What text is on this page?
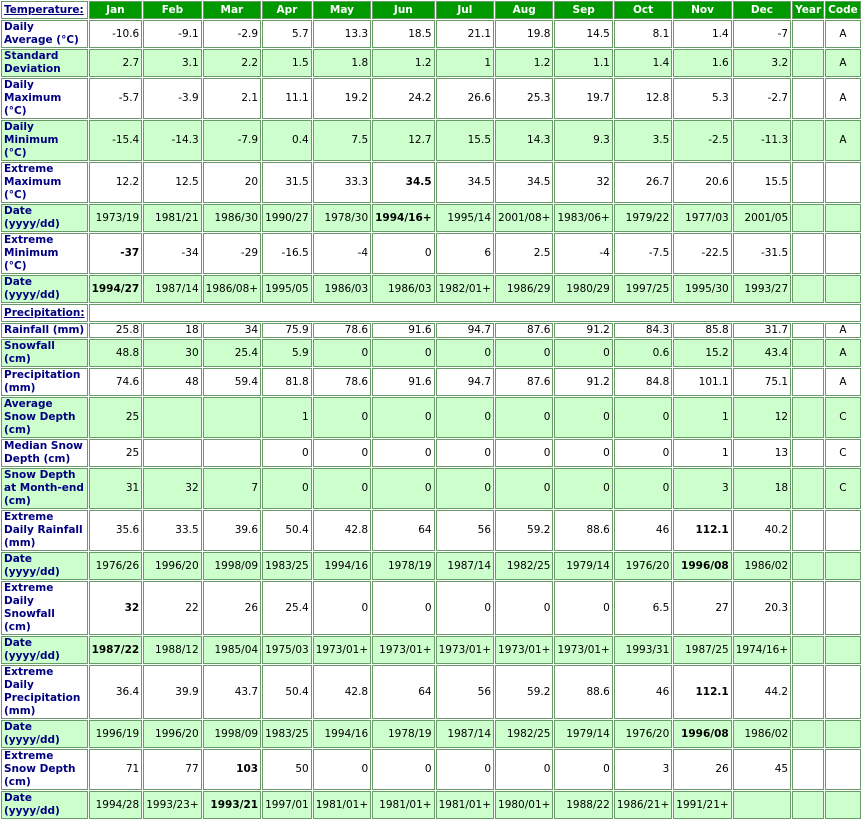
Temperature:	Jan	Feb	Mar	Apr	May	Jun	Jul	Aug	Sep	Oct	Nov	Dec	Year	Code
Daily Average (°C)	-10.6	-9.1	-2.9	5.7	13.3	18.5	21.1	19.8	14.5	8.1	1.4	-7		A
Standard Deviation	2.7	3.1	2.2	1.5	1.8	1.2	1	1.2	1.1	1.4	1.6	3.2		A
Daily Maximum (°C)	-5.7	-3.9	2.1	11.1	19.2	24.2	26.6	25.3	19.7	12.8	5.3	-2.7		A
Daily Minimum (°C)	-15.4	-14.3	-7.9	0.4	7.5	12.7	15.5	14.3	9.3	3.5	-2.5	-11.3		A
Extreme Maximum (°C)	12.2	12.5	20	31.5	33.3	34.5	34.5	34.5	32	26.7	20.6	15.5		
Date (yyyy/dd)	1973/19	1981/21	1986/30	1990/27	1978/30	1994/16+	1995/14	2001/08+	1983/06+	1979/22	1977/03	2001/05		
Extreme Minimum (°C)	-37	-34	-29	-16.5	-4	0	6	2.5	-4	-7.5	-22.5	-31.5		
Date (yyyy/dd)	1994/27	1987/14	1986/08+	1995/05	1986/03	1986/03	1982/01+	1986/29	1980/29	1997/25	1995/30	1993/27		
Precipitation:														
Rainfall (mm)	25.8	18	34	75.9	78.6	91.6	94.7	87.6	91.2	84.3	85.8	31.7		A
Snowfall (cm)	48.8	30	25.4	5.9	0	0	0	0	0	0.6	15.2	43.4		A
Precipitation (mm)	74.6	48	59.4	81.8	78.6	91.6	94.7	87.6	91.2	84.8	101.1	75.1		A
Average Snow Depth (cm)	25			1	0	0	0	0	0	0	1	12		C
Median Snow Depth (cm)	25			0	0	0	0	0	0	0	1	13		C
Snow Depth at Month-end (cm)	31	32	7	0	0	0	0	0	0	0	3	18		C
Extreme Daily Rainfall (mm)	35.6	33.5	39.6	50.4	42.8	64	56	59.2	88.6	46	112.1	40.2		
Date (yyyy/dd)	1976/26	1996/20	1998/09	1983/25	1994/16	1978/19	1987/14	1982/25	1979/14	1976/20	1996/08	1986/02		
Extreme Daily Snowfall (cm)	32	22	26	25.4	0	0	0	0	0	6.5	27	20.3		
Date (yyyy/dd)	1987/22	1988/12	1985/04	1975/03	1973/01+	1973/01+	1973/01+	1973/01+	1973/01+	1993/31	1987/25	1974/16+		
Extreme Daily Precipitation (mm)	36.4	39.9	43.7	50.4	42.8	64	56	59.2	88.6	46	112.1	44.2		
Date (yyyy/dd)	1996/19	1996/20	1998/09	1983/25	1994/16	1978/19	1987/14	1982/25	1979/14	1976/20	1996/08	1986/02		
Extreme Snow Depth (cm)	71	77	103	50	0	0	0	0	0	3	26	45		
Date (yyyy/dd)	1994/28	1993/23+	1993/21	1997/01	1981/01+	1981/01+	1981/01+	1980/01+	1988/22	1986/21+	1991/21+			
